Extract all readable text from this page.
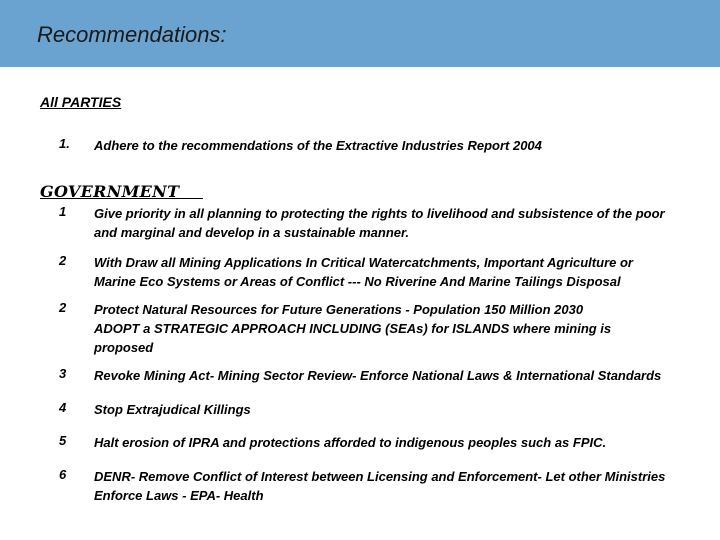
Recommendations:
All PARTIES
1. Adhere to the recommendations of the Extractive Industries Report 2004
GOVERNMENT
1 Give priority in all planning to protecting the rights to livelihood and subsistence of the poor
and marginal and develop in a sustainable manner.
2 With Draw all Mining Applications In Critical Watercatchments, Important Agriculture or
Marine Eco Systems or Areas of Conflict --- No Riverine And Marine Tailings Disposal
2 Protect Natural Resources for Future Generations - Population 150 Million 2030
ADOPT a STRATEGIC APPROACH INCLUDING (SEAs) for ISLANDS where mining is
proposed
3 Revoke Mining Act- Mining Sector Review- Enforce National Laws & International Standards
4 Stop Extrajudical Killings
5 Halt erosion of IPRA and protections afforded to indigenous peoples such as FPIC.
6 DENR- Remove Conflict of Interest between Licensing and Enforcement- Let other Ministries
Enforce Laws - EPA- Health
